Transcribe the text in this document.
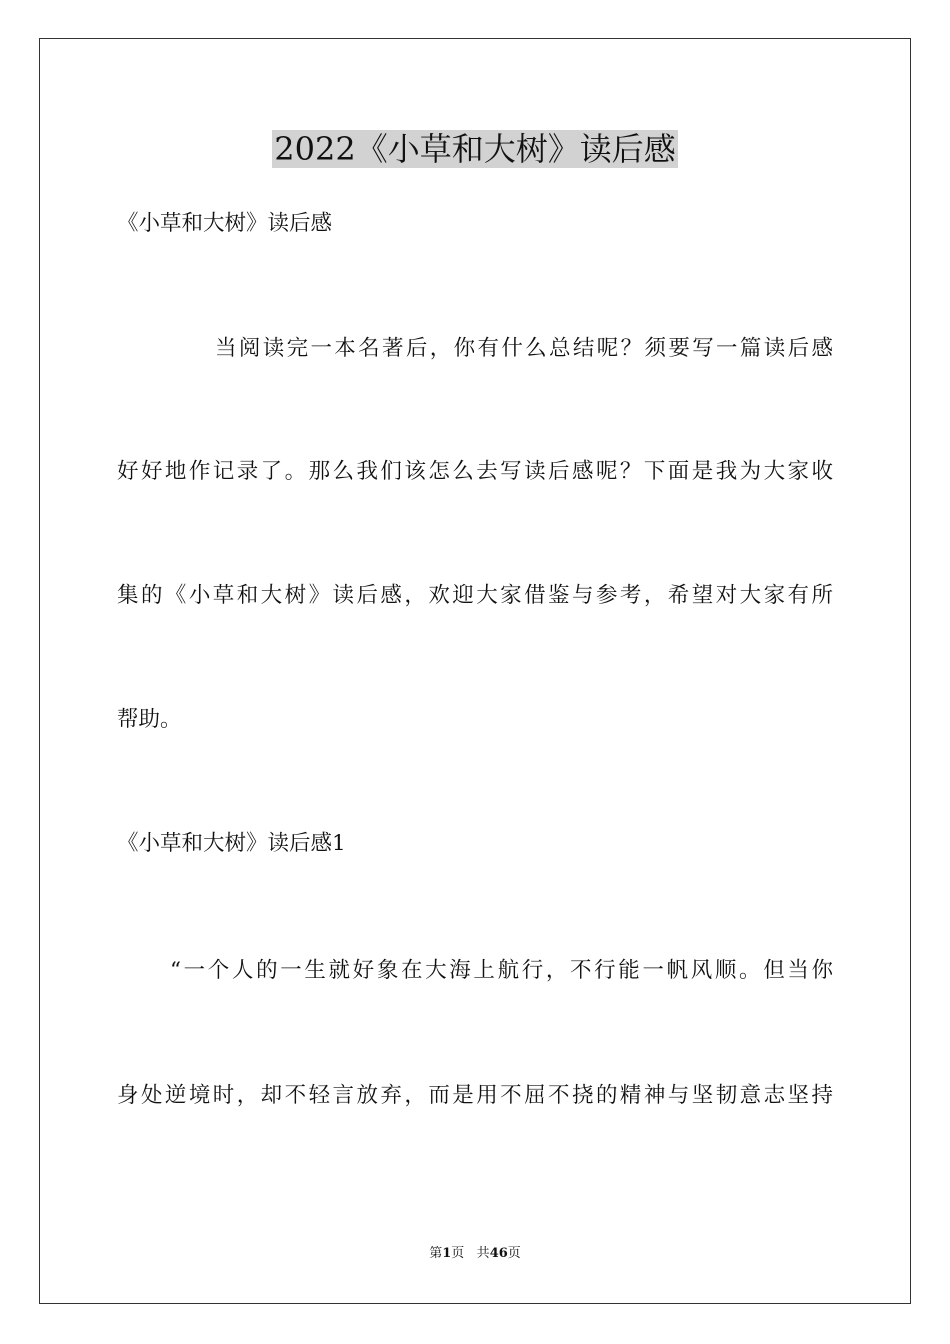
2022《小草和大树》读后感

《小草和大树》读后感

当阅读完一本名著后，你有什么总结呢？须要写一篇读后感

好好地作记录了。那么我们该怎么去写读后感呢？下面是我为大家收

集的《小草和大树》读后感，欢迎大家借鉴与参考，希望对大家有所

帮助。

《小草和大树》读后感1

“一个人的一生就好象在大海上航行，不行能一帆风顺。但当你

身处逆境时，却不轻言放弃，而是用不屈不挠的精神与坚韧意志坚持

第1页 共46页
